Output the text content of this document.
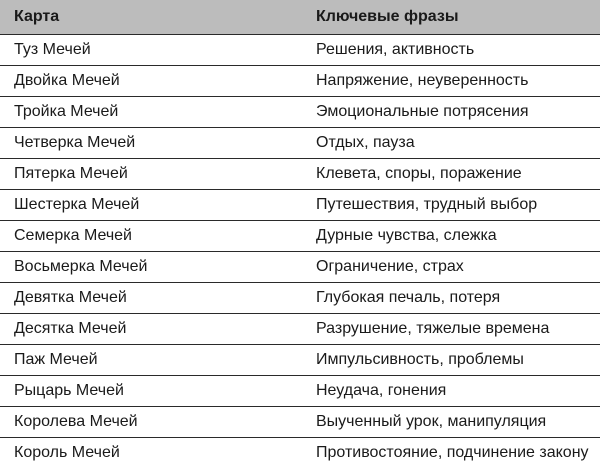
Карта	Ключевые фразы
Туз Мечей	Решения, активность
Двойка Мечей	Напряжение, неуверенность
Тройка Мечей	Эмоциональные потрясения
Четверка Мечей	Отдых, пауза
Пятерка Мечей	Клевета, споры, поражение
Шестерка Мечей	Путешествия, трудный выбор
Семерка Мечей	Дурные чувства, слежка
Восьмерка Мечей	Ограничение, страх
Девятка Мечей	Глубокая печаль, потеря
Десятка Мечей	Разрушение, тяжелые времена
Паж Мечей	Импульсивность, проблемы
Рыцарь Мечей	Неудача, гонения
Королева Мечей	Выученный урок, манипуляция
Король Мечей	Противостояние, подчинение закону
